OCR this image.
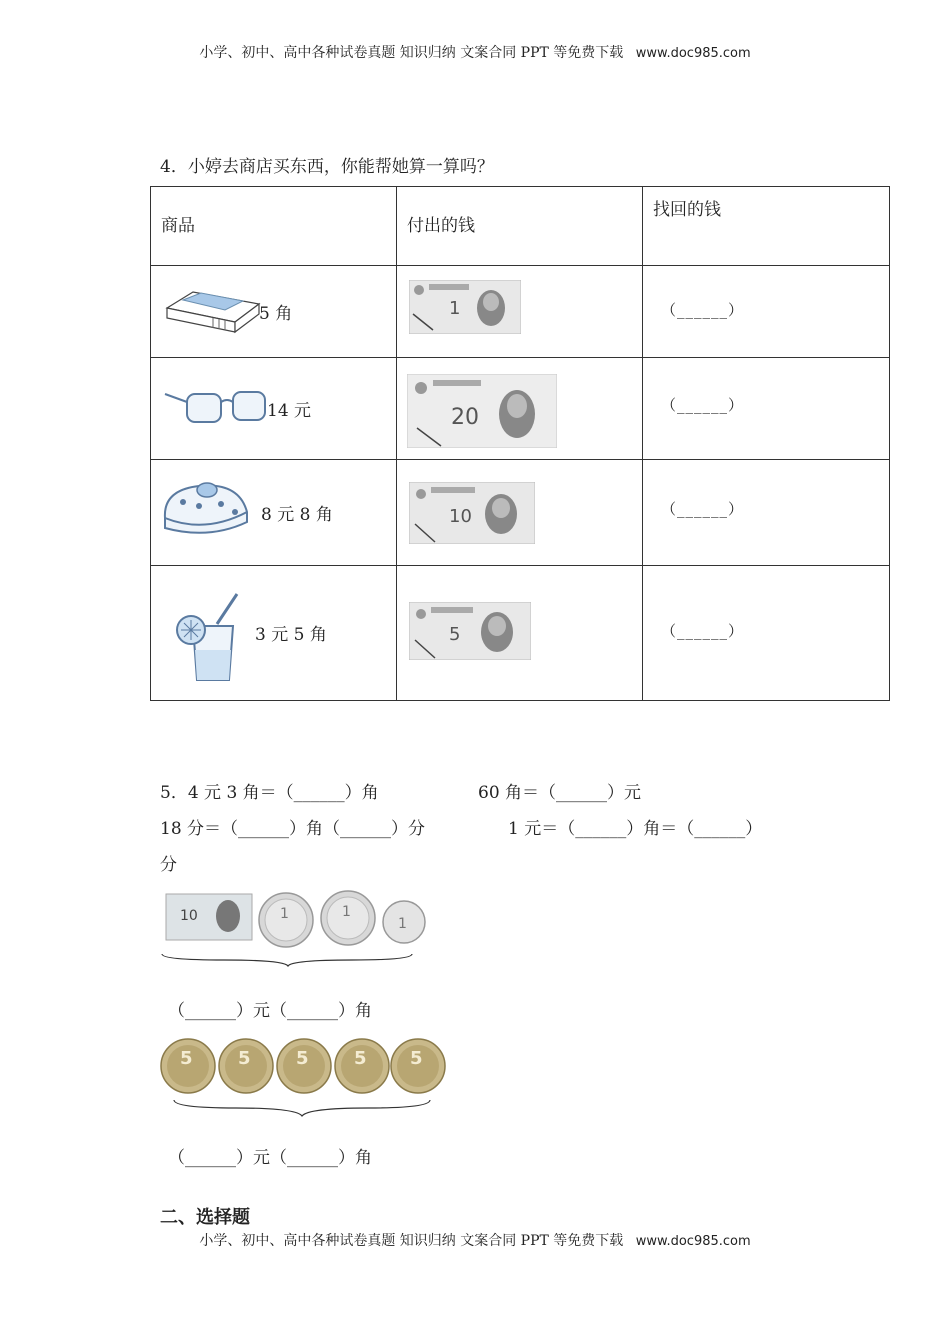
小学、初中、高中各种试卷真题 知识归纳 文案合同 PPT 等免费下载 www.doc985.com
4．小婷去商店买东西，你能帮她算一算吗？
商品	付出的钱	找回的钱

5 角	1	（______）

14 元	20	（______）

8 元 8 角	10	（______）

3 元 5 角	5	（______）
5．4 元 3 角＝（______）角	60 角＝（______）元
18 分＝（______）角（______）分	1 元＝（______）角＝（______）
分
10	1	1
1
（______）元（______）角
5	5	5	5 5
（______）元（______）角
二、选择题
小学、初中、高中各种试卷真题 知识归纳 文案合同 PPT 等免费下载 www.doc985.com
